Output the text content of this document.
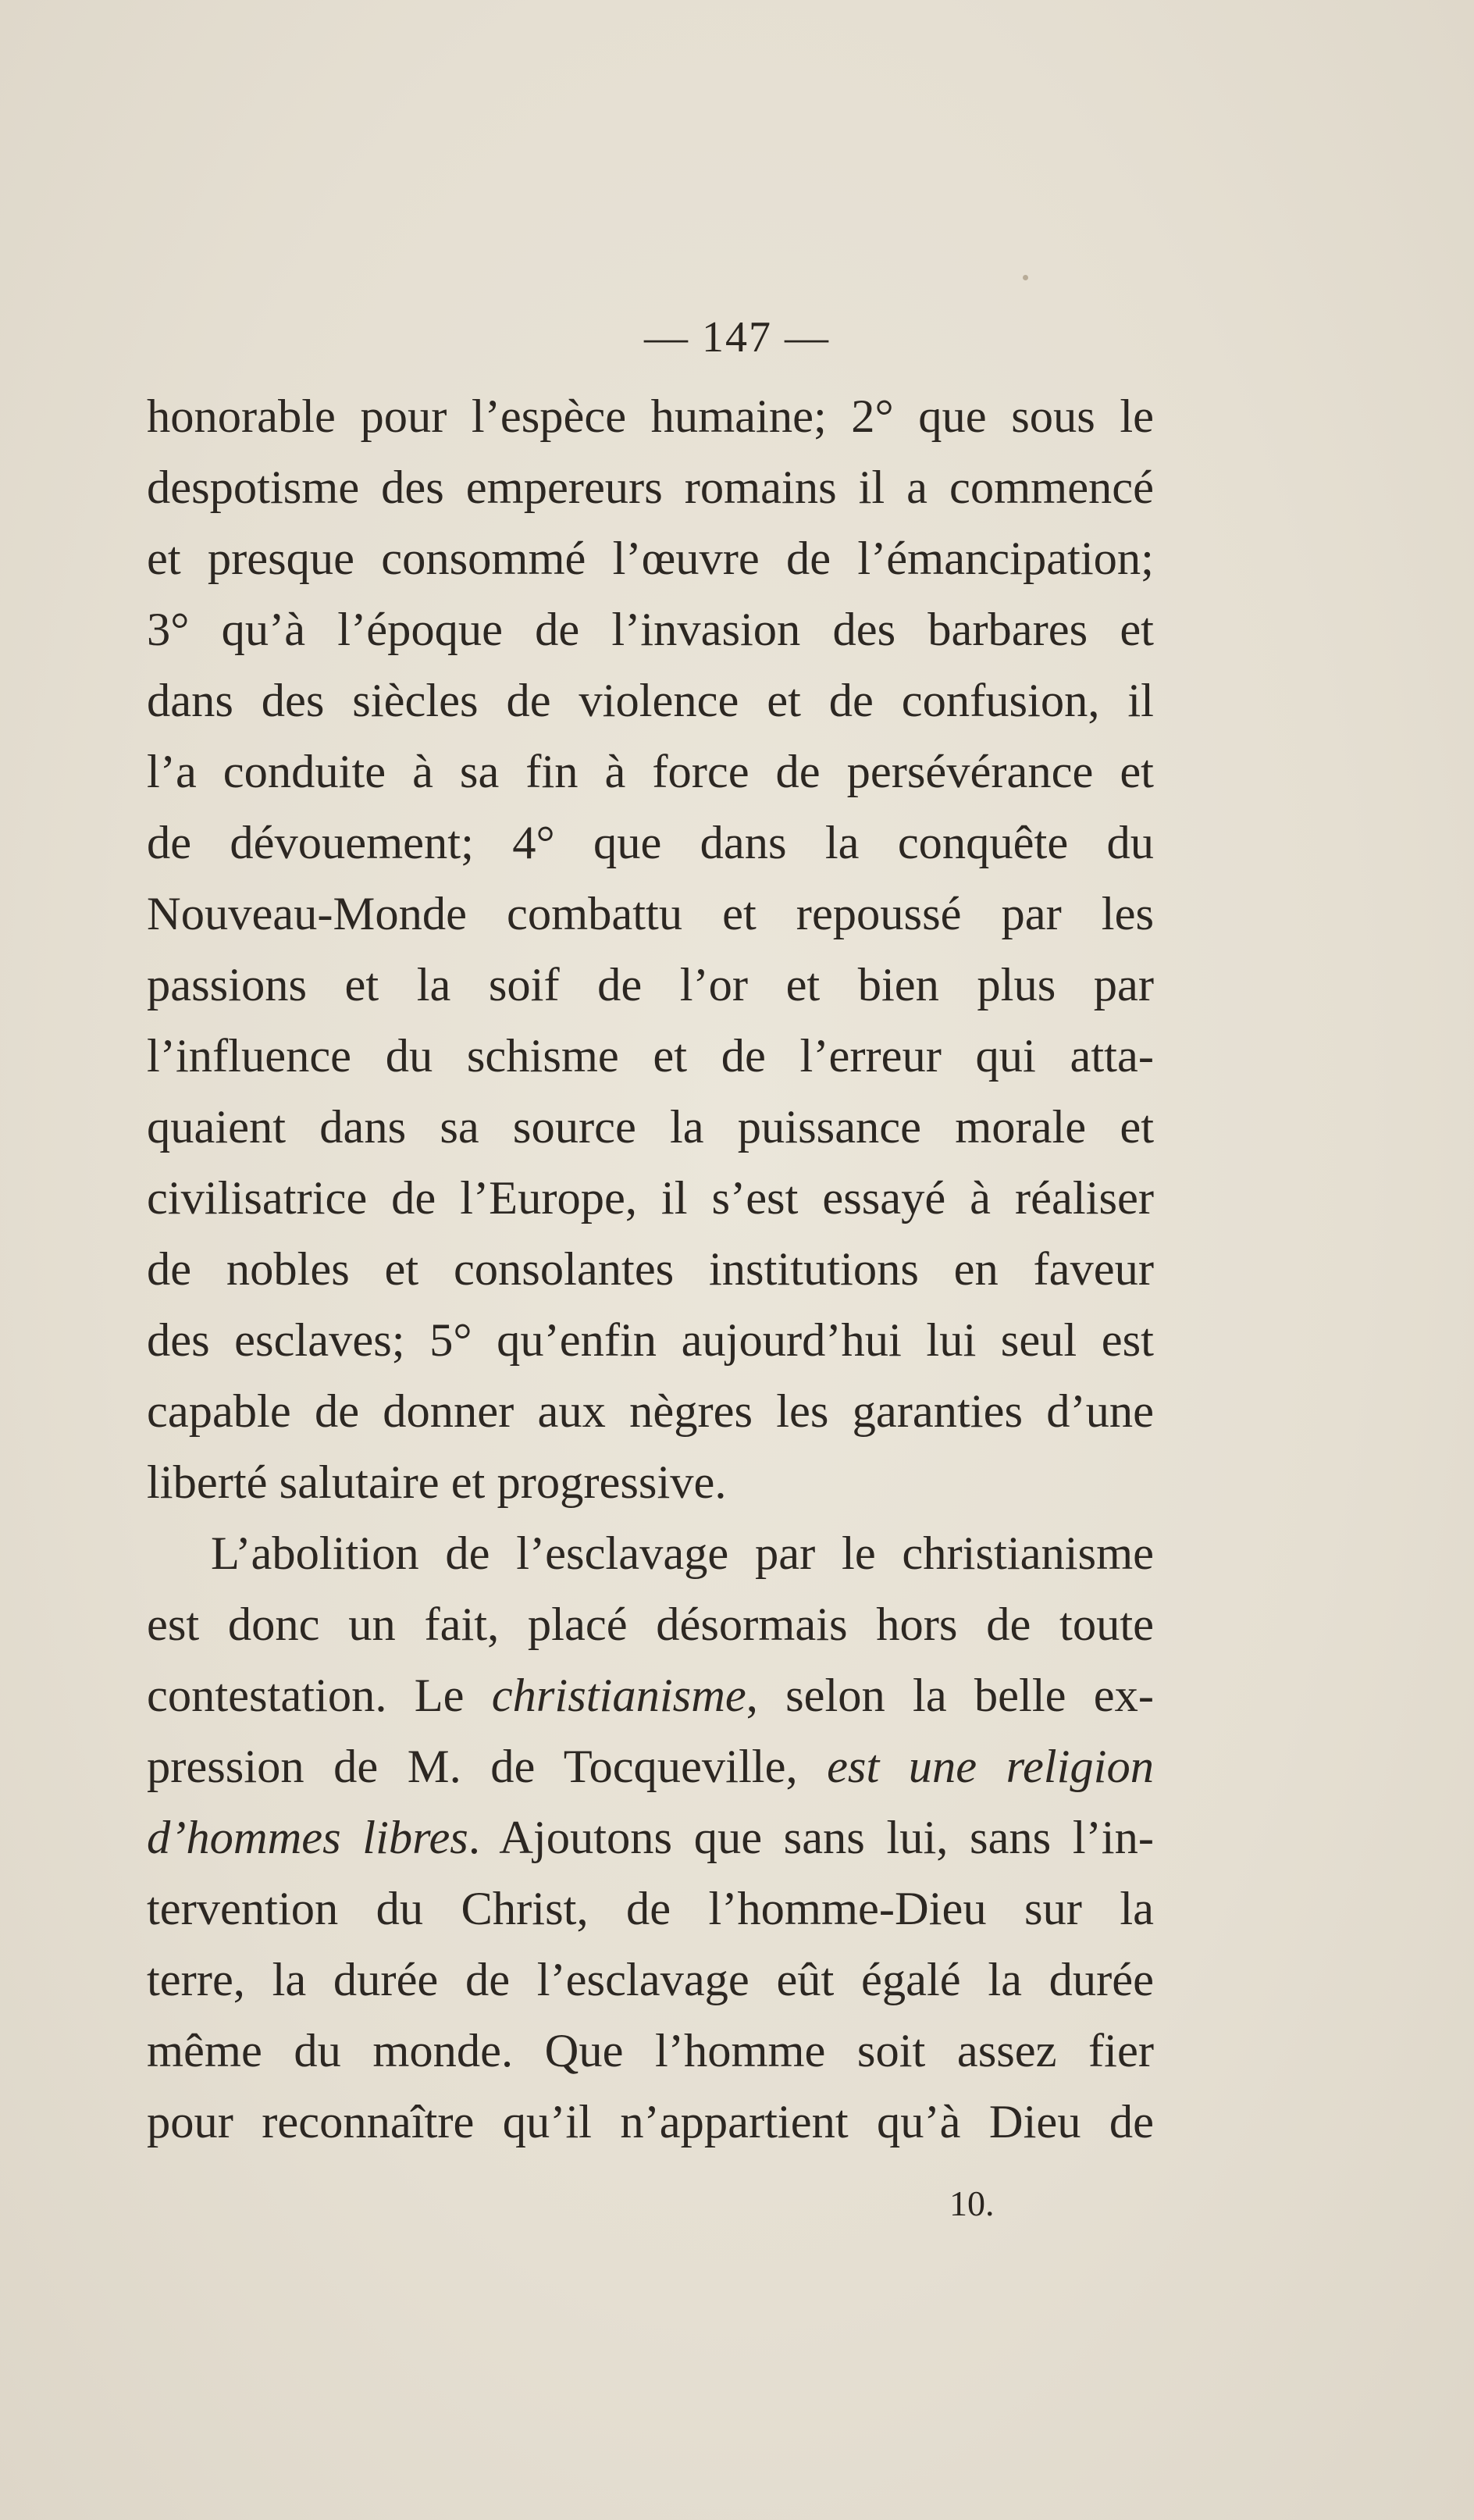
— 147 —
honorable pour l’espèce humaine; 2° que sous le
despotisme des empereurs romains il a commencé
et presque consommé l’œuvre de l’émancipation;
3° qu’à l’époque de l’invasion des barbares et
dans des siècles de violence et de confusion, il
l’a conduite à sa fin à force de persévérance et
de dévouement; 4° que dans la conquête du
Nouveau-Monde combattu et repoussé par les
passions et la soif de l’or et bien plus par
l’influence du schisme et de l’erreur qui atta-
quaient dans sa source la puissance morale et
civilisatrice de l’Europe, il s’est essayé à réaliser
de nobles et consolantes institutions en faveur
des esclaves; 5° qu’enfin aujourd’hui lui seul est
capable de donner aux nègres les garanties d’une
liberté salutaire et progressive.
L’abolition de l’esclavage par le christianisme
est donc un fait, placé désormais hors de toute
contestation. Le christianisme, selon la belle ex-
pression de M. de Tocqueville, est une religion
d’hommes libres. Ajoutons que sans lui, sans l’in-
tervention du Christ, de l’homme-Dieu sur la
terre, la durée de l’esclavage eût égalé la durée
même du monde. Que l’homme soit assez fier
pour reconnaître qu’il n’appartient qu’à Dieu de
10.
